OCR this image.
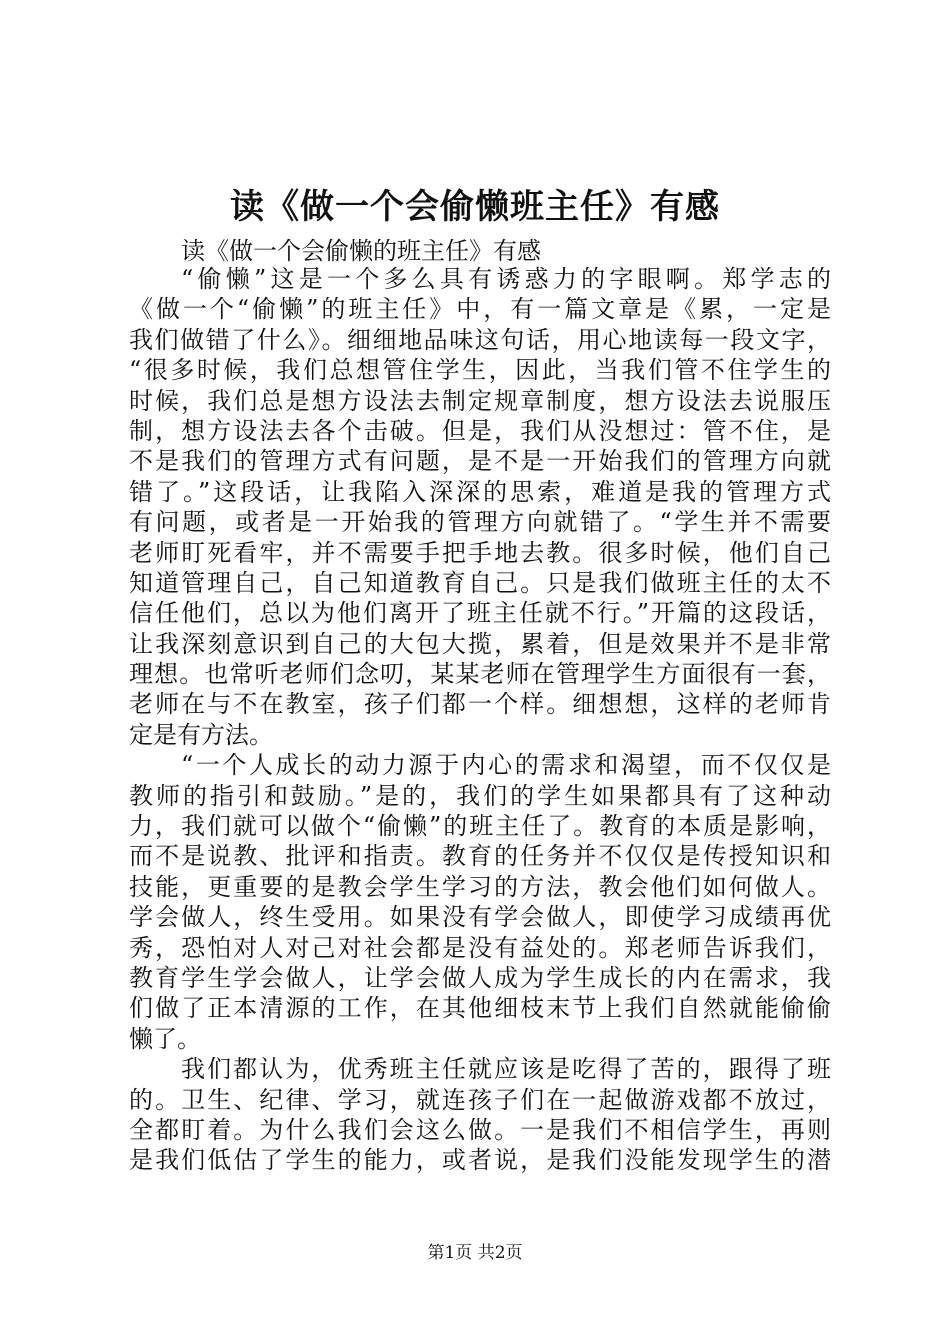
读《做一个会偷懒班主任》有感
读《做一个会偷懒的班主任》有感
“偷懒”这是一个多么具有诱惑力的字眼啊。郑学志的
《做一个“偷懒”的班主任》中，有一篇文章是《累，一定是
我们做错了什么》。细细地品味这句话，用心地读每一段文字，
“很多时候，我们总想管住学生，因此，当我们管不住学生的
时候，我们总是想方设法去制定规章制度，想方设法去说服压
制，想方设法去各个击破。但是，我们从没想过：管不住，是
不是我们的管理方式有问题，是不是一开始我们的管理方向就
错了。”这段话，让我陷入深深的思索，难道是我的管理方式
有问题，或者是一开始我的管理方向就错了。“学生并不需要
老师盯死看牢，并不需要手把手地去教。很多时候，他们自己
知道管理自己，自己知道教育自己。只是我们做班主任的太不
信任他们，总以为他们离开了班主任就不行。”开篇的这段话，
让我深刻意识到自己的大包大揽，累着，但是效果并不是非常
理想。也常听老师们念叨，某某老师在管理学生方面很有一套，
老师在与不在教室，孩子们都一个样。细想想，这样的老师肯
定是有方法。
“一个人成长的动力源于内心的需求和渴望，而不仅仅是
教师的指引和鼓励。”是的，我们的学生如果都具有了这种动
力，我们就可以做个“偷懒”的班主任了。教育的本质是影响，
而不是说教、批评和指责。教育的任务并不仅仅是传授知识和
技能，更重要的是教会学生学习的方法，教会他们如何做人。
学会做人，终生受用。如果没有学会做人，即使学习成绩再优
秀，恐怕对人对己对社会都是没有益处的。郑老师告诉我们，
教育学生学会做人，让学会做人成为学生成长的内在需求，我
们做了正本清源的工作，在其他细枝末节上我们自然就能偷偷
懒了。
我们都认为，优秀班主任就应该是吃得了苦的，跟得了班
的。卫生、纪律、学习，就连孩子们在一起做游戏都不放过，
全都盯着。为什么我们会这么做。一是我们不相信学生，再则
是我们低估了学生的能力，或者说，是我们没能发现学生的潜
第1页 共2页
